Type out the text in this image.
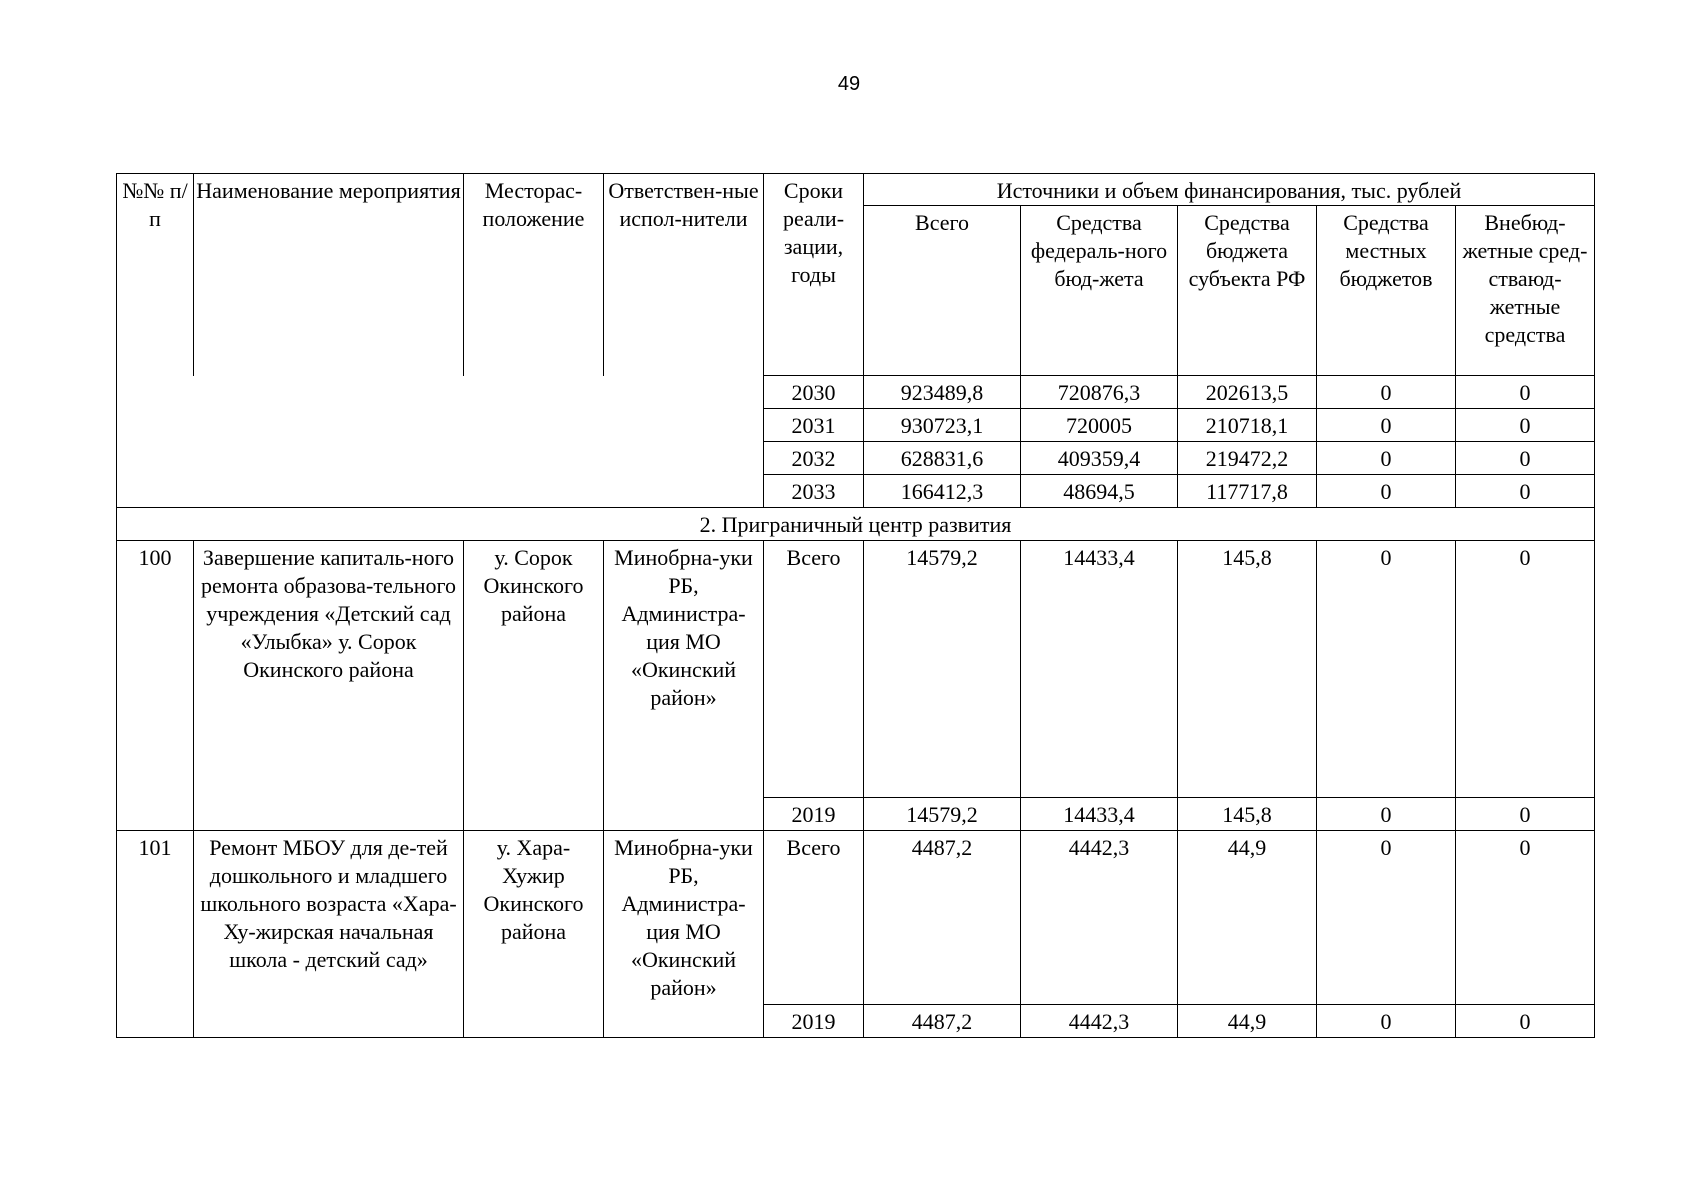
49
№№ п/п	Наименование мероприятия	Месторас-положение	Ответствен-ные испол-нители	Сроки реали-зации, годы	Источники и объем финансирования, тыс. рублей				
					Всего	Средства федераль-ного бюд-жета	Средства бюджета субъекта РФ	Средства местных бюджетов	Внебюд-жетные сред-стваюд-жетные средства
				2030	923489,8	720876,3	202613,5	0	0
				2031	930723,1	720005	210718,1	0	0
				2032	628831,6	409359,4	219472,2	0	0
				2033	166412,3	48694,5	117717,8	0	0
2. Приграничный центр развития									
100	Завершение капиталь-ного ремонта образова-тельного учреждения «Детский сад «Улыбка» у. Сорок Окинского района	у. Сорок Окинского района	Минобрна-уки РБ, Администра-ция МО «Окинский район»	Всего	14579,2	14433,4	145,8	0	0
				2019	14579,2	14433,4	145,8	0	0
101	Ремонт МБОУ для де-тей дошкольного и младшего школьного возраста «Хара-Ху-жирская начальная школа - детский сад»	у. Хара-Хужир Окинского района	Минобрна-уки РБ, Администра-ция МО «Окинский район»	Всего	4487,2	4442,3	44,9	0	0
				2019	4487,2	4442,3	44,9	0	0
